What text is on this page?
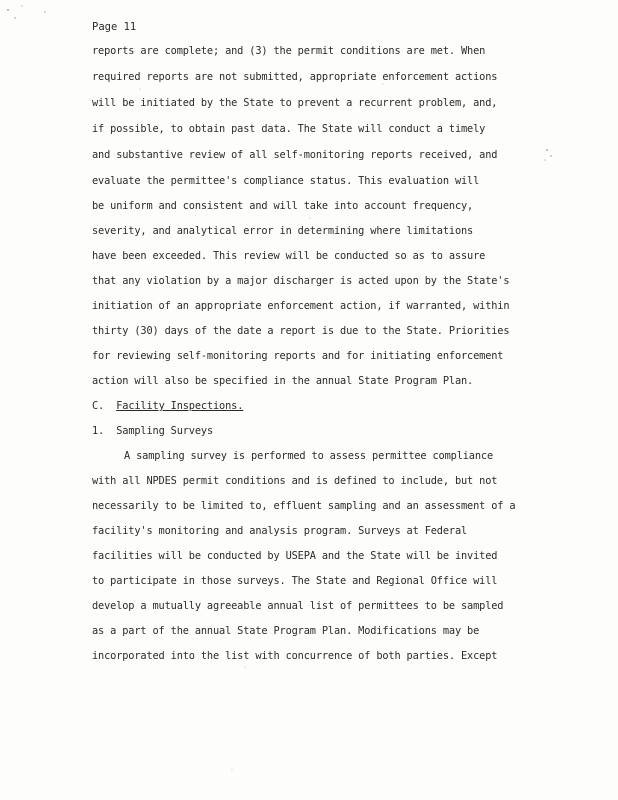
Page 11
reports are complete; and (3) the permit conditions are met. When
required reports are not submitted, appropriate enforcement actions
will be initiated by the State to prevent a recurrent problem, and,
if possible, to obtain past data. The State will conduct a timely
and substantive review of all self-monitoring reports received, and
evaluate the permittee's compliance status. This evaluation will
be uniform and consistent and will take into account frequency,
severity, and analytical error in determining where limitations
have been exceeded. This review will be conducted so as to assure
that any violation by a major discharger is acted upon by the State's
initiation of an appropriate enforcement action, if warranted, within
thirty (30) days of the date a report is due to the State. Priorities
for reviewing self-monitoring reports and for initiating enforcement
action will also be specified in the annual State Program Plan.
C. Facility Inspections.
1. Sampling Surveys
A sampling survey is performed to assess permittee compliance
with all NPDES permit conditions and is defined to include, but not
necessarily to be limited to, effluent sampling and an assessment of a
facility's monitoring and analysis program. Surveys at Federal
facilities will be conducted by USEPA and the State will be invited
to participate in those surveys. The State and Regional Office will
develop a mutually agreeable annual list of permittees to be sampled
as a part of the annual State Program Plan. Modifications may be
incorporated into the list with concurrence of both parties. Except
